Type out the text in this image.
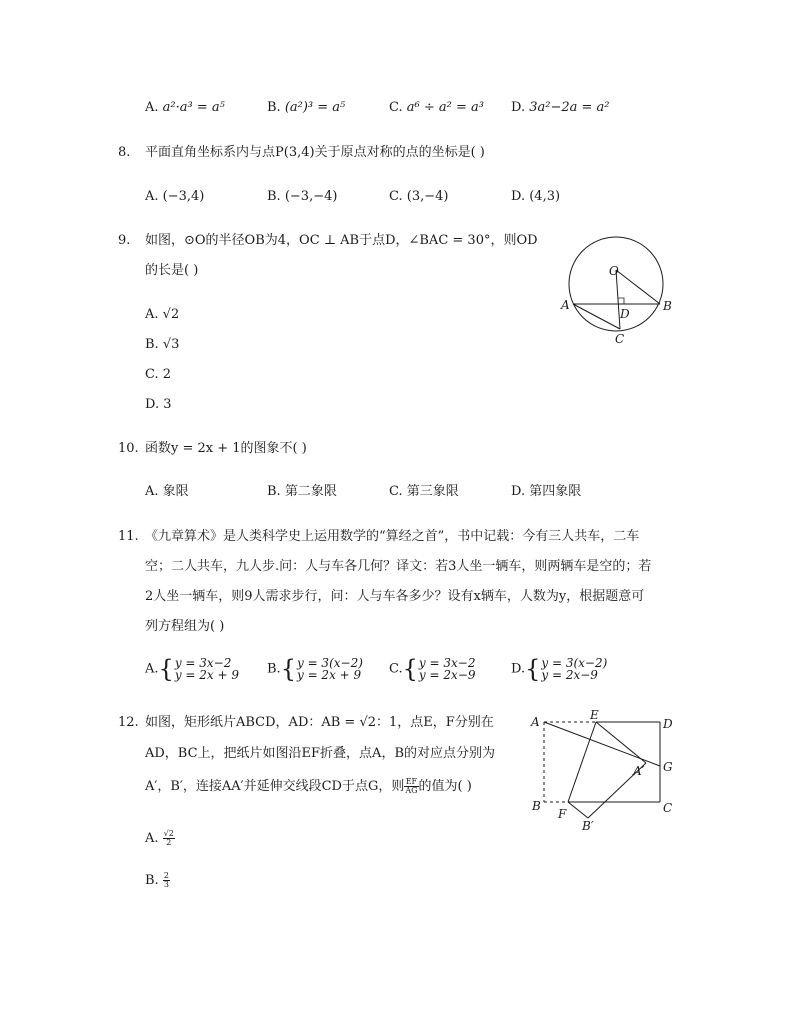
A. a²·a³ = a⁵	B. (a²)³ = a⁵	C. a⁶ ÷ a² = a³ D. 3a²−2a = a²
8. 平面直角坐标系内与点P(3,4)关于原点对称的点的坐标是( )
A. (−3,4)	B. (−3,−4)	C. (3,−4)	D. (4,3)
9. 如图，⊙O的半径OB为4，OC ⊥ AB于点D，∠BAC = 30°，则OD
的长是( )
A. √2
B. √3
C. 2
D. 3
O
A	B
D
C
10. 函数y = 2x + 1的图象不( )
A. 象限	B. 第二象限	C. 第三象限	D. 第四象限
11. 《九章算术》是人类科学史上运用数学的“算经之首”，书中记载：今有三人共车，二车
空；二人共车，九人步.问：人与车各几何？译文：若3人坐一辆车，则两辆车是空的；若
2人坐一辆车，则9人需求步行，问：人与车各多少？设有x辆车，人数为y，根据题意可
列方程组为( )
A.{y = 3x−2
y = 2x + 9 B.{y = 3(x−2)
y = 2x + 9 C.{y = 3x−2
y = 2x−9	D.{y = 3(x−2)
y = 2x−9
12. 如图，矩形纸片ABCD，AD：AB = √2：1，点E，F分别在
AD，BC上，把纸片如图沿EF折叠，点A，B的对应点分别为
A′，B′，连接AA′并延伸交线段CD于点G，则 $\frac{EF}{AG}$ 的值为( )
A. $\frac{√2}{2}$
B. $\frac{2}{3}$
A	E
D
A′ G
B
F	C
B′
